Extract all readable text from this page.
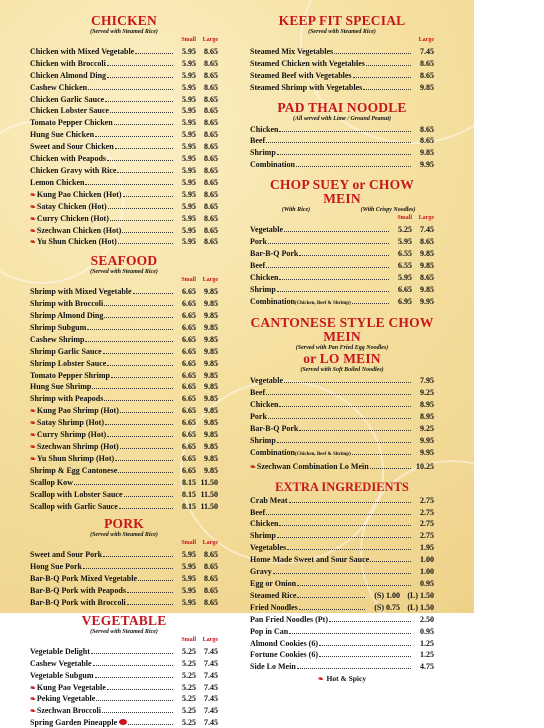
CHICKEN
(Served with Steamed Rice)
Small	Large
Chicken with Mixed Vegetable	5.95	8.65
Chicken with Broccoli	5.95	8.65
Chicken Almond Ding	5.95	8.65
Cashew Chicken	5.95	8.65
Chicken Garlic Sauce	5.95	8.65
Chicken Lobster Sauce	5.95	8.65
Tomato Pepper Chicken	5.95	8.65
Hung Sue Chicken	5.95	8.65
Sweet and Sour Chicken	5.95	8.65
Chicken with Peapods	5.95	8.65
Chicken Gravy with Rice	5.95	8.65
Lemon Chicken	5.95	8.65
❧ Kung Pao Chicken (Hot)	5.95	8.65
❧ Satay Chicken (Hot)	5.95	8.65
❧ Curry Chicken (Hot)	5.95	8.65
❧ Szechwan Chicken (Hot)	5.95	8.65
❧ Yu Shun Chicken (Hot)	5.95	8.65
SEAFOOD
(Served with Steamed Rice)
Small	Large
Shrimp with Mixed Vegetable	6.65	9.85
Shrimp with Broccoli	6.65	9.85
Shrimp Almond Ding	6.65	9.85
Shrimp Subgum	6.65	9.85
Cashew Shrimp	6.65	9.85
Shrimp Garlic Sauce	6.65	9.85
Shrimp Lobster Sauce	6.65	9.85
Tomato Pepper Shrimp	6.65	9.85
Hung Sue Shrimp	6.65	9.85
Shrimp with Peapods	6.65	9.85
❧ Kung Pao Shrimp (Hot)	6.65	9.85
❧ Satay Shrimp (Hot)	6.65	9.85
❧ Curry Shrimp (Hot)	6.65	9.85
❧ Szechwan Shrimp (Hot)	6.65	9.85
❧ Yu Shun Shrimp (Hot)	6.65	9.85
Shrimp & Egg Cantonese	6.65	9.85
Scallop Kow	8.15 11.50
Scallop with Lobster Sauce	8.15 11.50
Scallop with Garlic Sauce	8.15 11.50
PORK
(Served with Steamed Rice)
Small	Large
Sweet and Sour Pork	5.95	8.65
Hong Sue Pork	5.95	8.65
Bar-B-Q Pork Mixed Vegetable	5.95	8.65
Bar-B-Q Pork with Peapods	5.95	8.65
Bar-B-Q Pork with Broccoli	5.95	8.65
VEGETABLE
(Served with Steamed Rice)
Small	Large
Vegetable Delight	5.25	7.45
Cashew Vegetable	5.25	7.45
Vegetable Subgum	5.25	7.45
❧ Kung Pao Vegetable	5.25	7.45
❧ Peking Vegetable	5.25	7.45
❧ Szechwan Broccoli	5.25	7.45
Spring Garden Pineapple	5.25	7.45
KEEP FIT SPECIAL
(Served with Steamed Rice)
Large
Steamed Mix Vegetables	7.45
Steamed Chicken with Vegetables	8.65
Steamed Beef with Vegetables	8.65
Steamed Shrimp with Vegetables	9.85
PAD THAI NOODLE
(All served with Lime / Ground Peanut)
Chicken	8.65
Beef	8.65
Shrimp	9.85
Combination	9.95
CHOP SUEY or CHOW MEIN
(With Rice)	(With Crispy Noodles)
Small	Large
Vegetable	5.25	7.45
Pork	5.95	8.65
Bar-B-Q Pork	6.55	9.85
Beef	6.55	9.85
Chicken	5.95	8.65
Shrimp	6.65	9.85
Combination (Chicken, Beef & Shrimp)	6.95	9.95
CANTONESE STYLE CHOW MEIN
(Served with Pan Fried Egg Noodles)
or LO MEIN
(Served with Soft Boiled Noodles)
Vegetable	7.95
Beef	9.25
Chicken	8.95
Pork	8.95
Bar-B-Q Pork	9.25
Shrimp	9.95
Combination (Chicken, Beef & Shrimp)	9.95
❧ Szechwan Combination Lo Mein	10.25
EXTRA INGREDIENTS
Crab Meat	2.75
Beef	2.75
Chicken	2.75
Shrimp	2.75
Vegetables	1.95
Home Made Sweet and Sour Sauce	1.00
Gravy	1.00
Egg or Onion	0.95
Steamed Rice	(S) 1.00 (L) 1.50
Fried Noodles	(S) 0.75 (L) 1.50
Pan Fried Noodles (Pt)	2.50
Pop in Can	0.95
Almond Cookies (6)	1.25
Fortune Cookies (6)	1.25
Side Lo Mein	4.75
❧ Hot & Spicy
